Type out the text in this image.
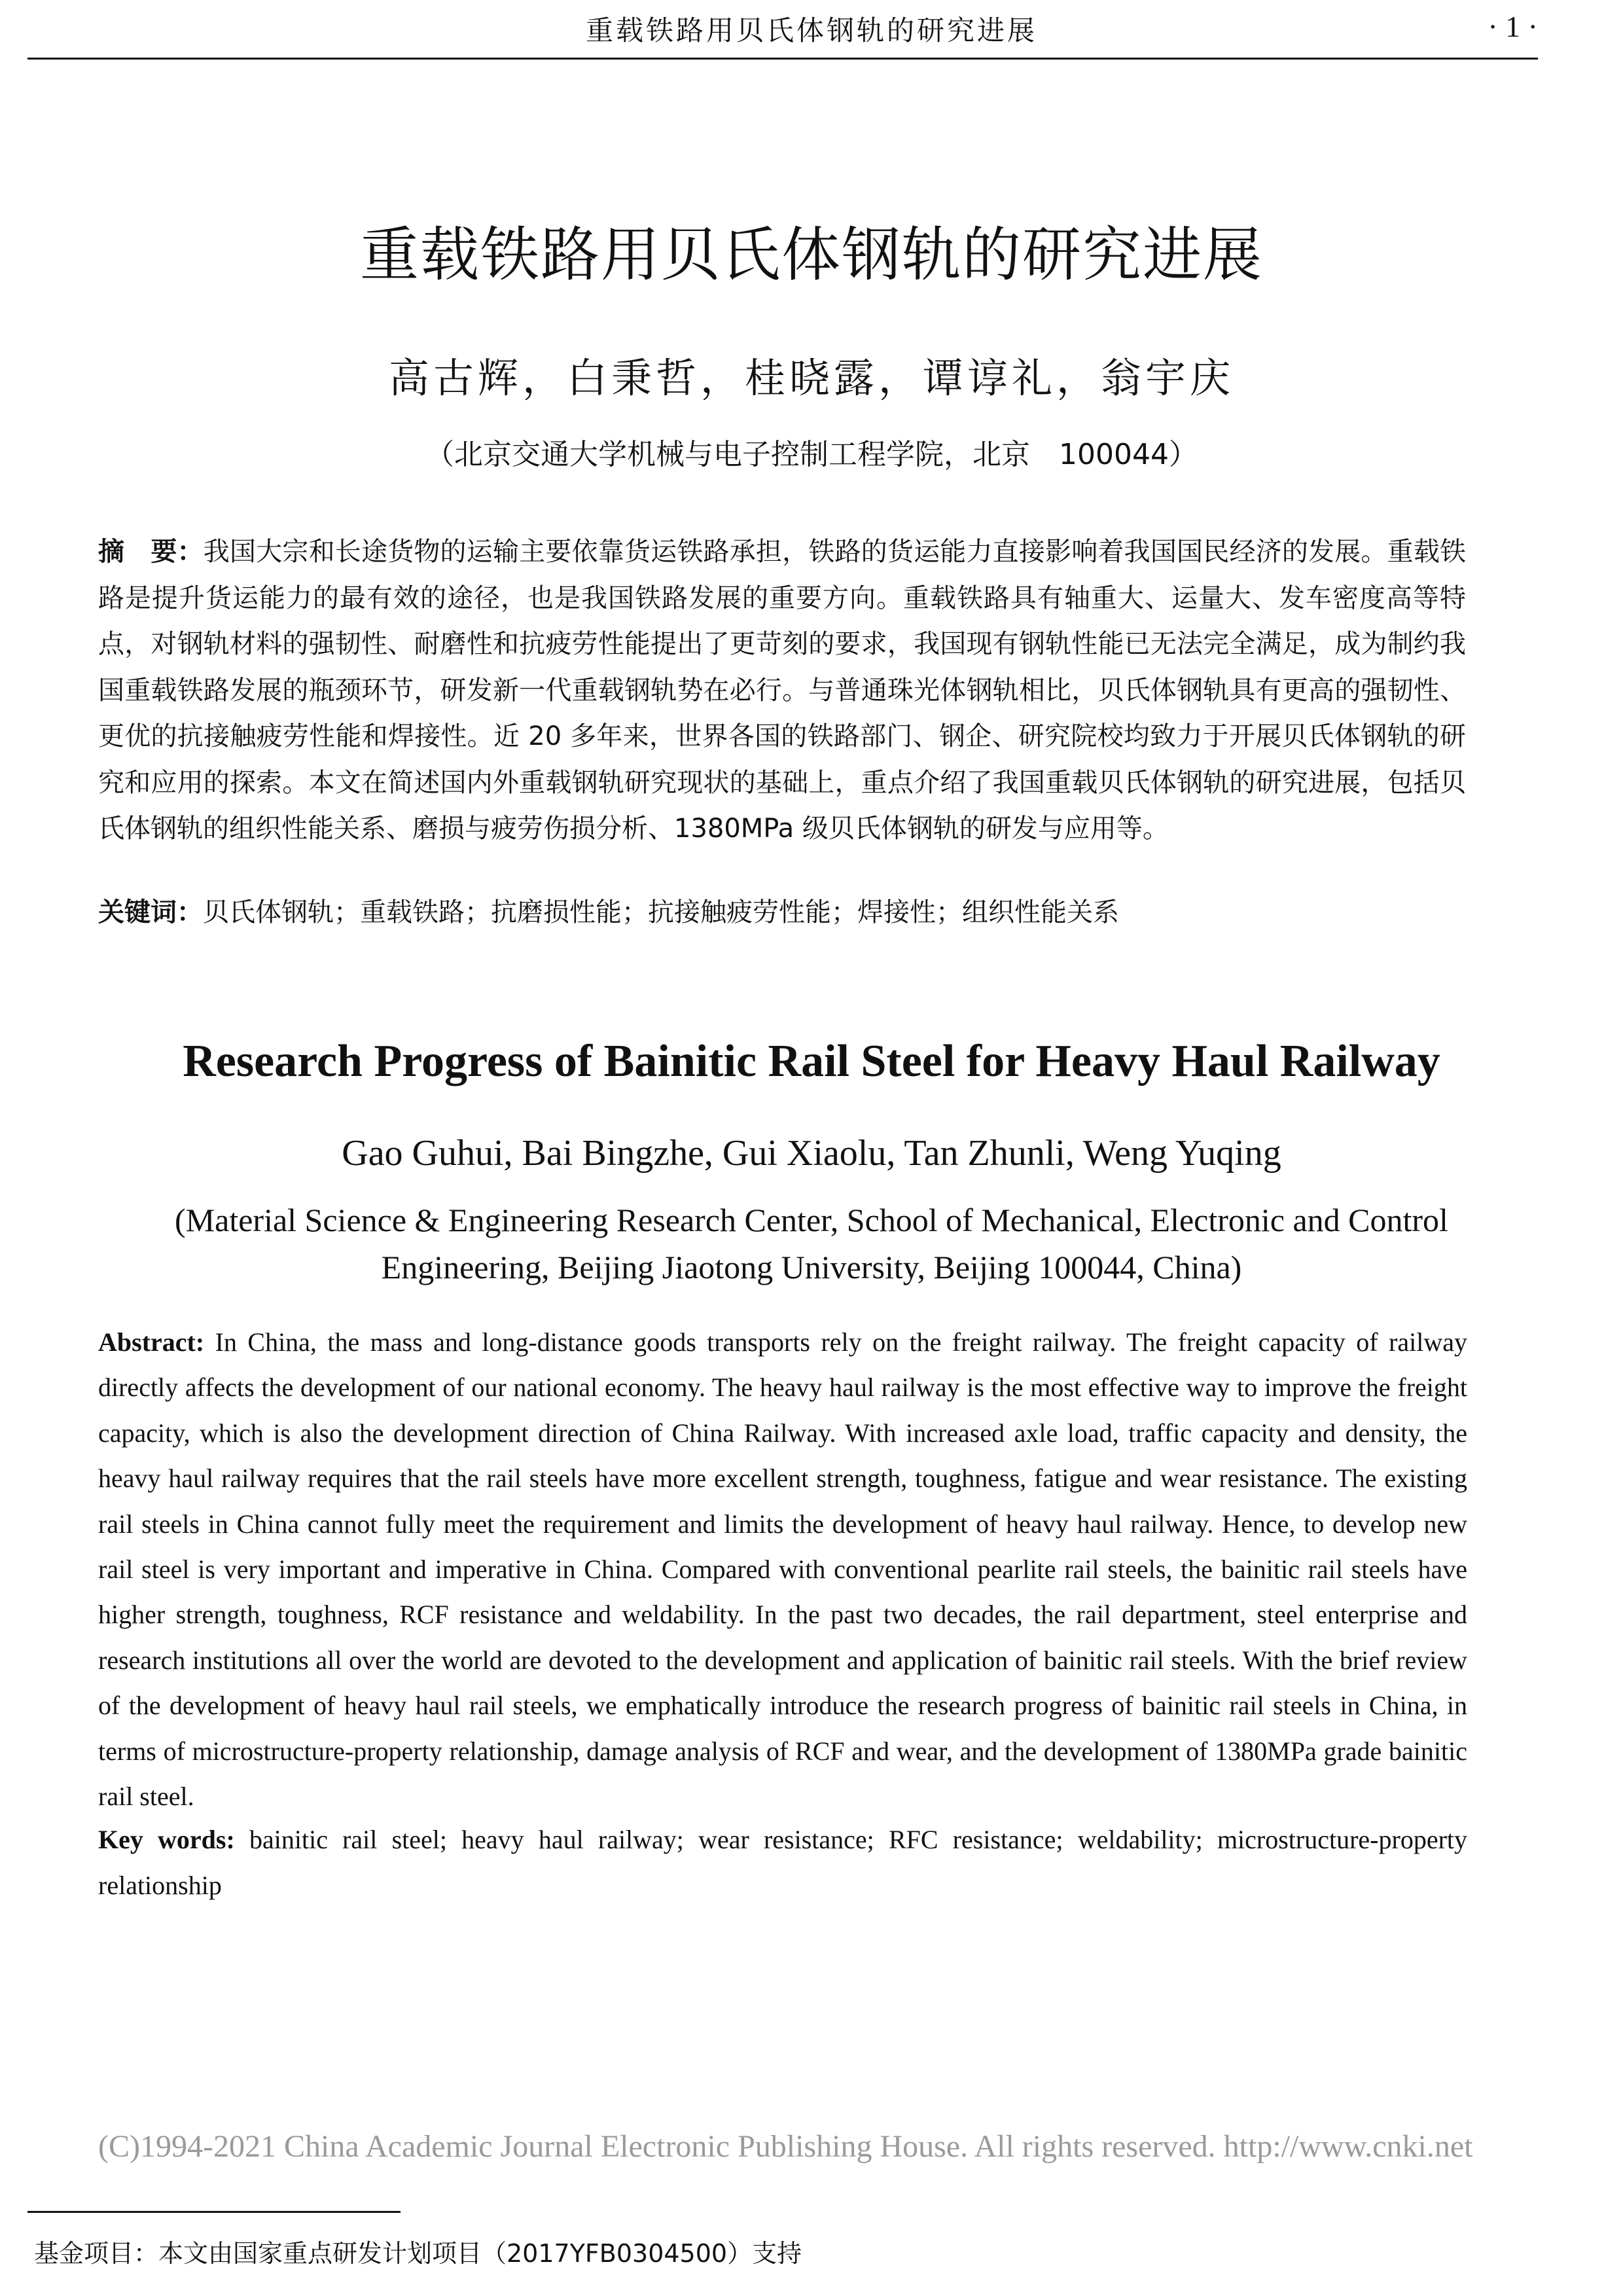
重载铁路用贝氏体钢轨的研究进展	· 1 ·
重载铁路用贝氏体钢轨的研究进展
高古辉，白秉哲，桂晓露，谭谆礼，翁宇庆
（北京交通大学机械与电子控制工程学院，北京　100044）
摘　要：我国大宗和长途货物的运输主要依靠货运铁路承担，铁路的货运能力直接影响着我国国民经济的发展。重载铁路是提升货运能力的最有效的途径，也是我国铁路发展的重要方向。重载铁路具有轴重大、运量大、发车密度高等特点，对钢轨材料的强韧性、耐磨性和抗疲劳性能提出了更苛刻的要求，我国现有钢轨性能已无法完全满足，成为制约我国重载铁路发展的瓶颈环节，研发新一代重载钢轨势在必行。与普通珠光体钢轨相比，贝氏体钢轨具有更高的强韧性、更优的抗接触疲劳性能和焊接性。近 20 多年来，世界各国的铁路部门、钢企、研究院校均致力于开展贝氏体钢轨的研究和应用的探索。本文在简述国内外重载钢轨研究现状的基础上，重点介绍了我国重载贝氏体钢轨的研究进展，包括贝氏体钢轨的组织性能关系、磨损与疲劳伤损分析、1380MPa 级贝氏体钢轨的研发与应用等。
关键词：贝氏体钢轨；重载铁路；抗磨损性能；抗接触疲劳性能；焊接性；组织性能关系
Research Progress of Bainitic Rail Steel for Heavy Haul Railway
Gao Guhui, Bai Bingzhe, Gui Xiaolu, Tan Zhunli, Weng Yuqing
(Material Science & Engineering Research Center, School of Mechanical, Electronic and Control Engineering, Beijing Jiaotong University, Beijing 100044, China)
Abstract: In China, the mass and long-distance goods transports rely on the freight railway. The freight capacity of railway directly affects the development of our national economy. The heavy haul railway is the most effective way to improve the freight capacity, which is also the development direction of China Railway. With increased axle load, traffic capacity and density, the heavy haul railway requires that the rail steels have more excellent strength, toughness, fatigue and wear resistance. The existing rail steels in China cannot fully meet the requirement and limits the development of heavy haul railway. Hence, to develop new rail steel is very important and imperative in China. Compared with conventional pearlite rail steels, the bainitic rail steels have higher strength, toughness, RCF resistance and weldability. In the past two decades, the rail department, steel enterprise and research institutions all over the world are devoted to the development and application of bainitic rail steels. With the brief review of the development of heavy haul rail steels, we emphatically introduce the research progress of bainitic rail steels in China, in terms of microstructure-property relationship, damage analysis of RCF and wear, and the development of 1380MPa grade bainitic rail steel.
Key words: bainitic rail steel; heavy haul railway; wear resistance; RFC resistance; weldability; microstructure-property relationship
(C)1994-2021 China Academic Journal Electronic Publishing House. All rights reserved. http://www.cnki.net
基金项目：本文由国家重点研发计划项目（2017YFB0304500）支持
